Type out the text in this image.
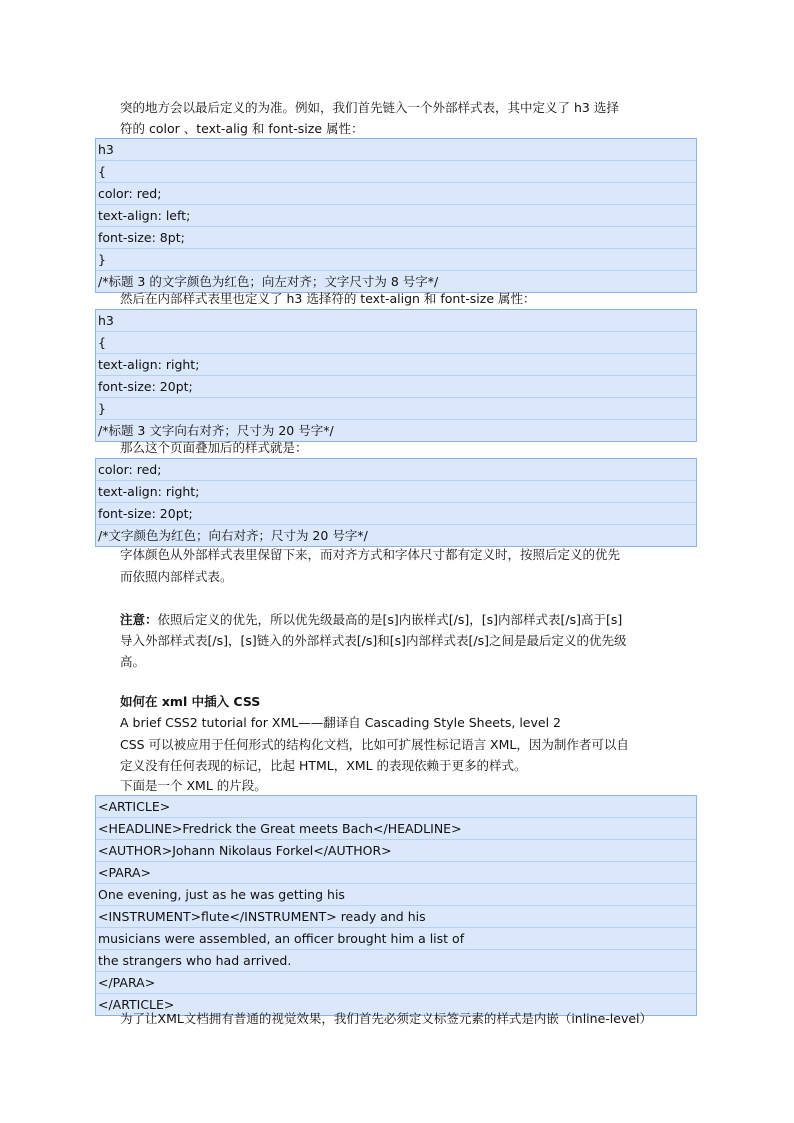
突的地方会以最后定义的为准。例如，我们首先链入一个外部样式表，其中定义了 h3 选择
符的 color 、text-alig 和 font-size 属性：
h3
{
color: red;
text-align: left;
font-size: 8pt;
}
/*标题 3 的文字颜色为红色；向左对齐；文字尺寸为 8 号字*/
然后在内部样式表里也定义了 h3 选择符的 text-align 和 font-size 属性：
h3
{
text-align: right;
font-size: 20pt;
}
/*标题 3 文字向右对齐；尺寸为 20 号字*/
那么这个页面叠加后的样式就是：
color: red;
text-align: right;
font-size: 20pt;
/*文字颜色为红色；向右对齐；尺寸为 20 号字*/
字体颜色从外部样式表里保留下来，而对齐方式和字体尺寸都有定义时，按照后定义的优先
而依照内部样式表。
注意：依照后定义的优先，所以优先级最高的是[s]内嵌样式[/s]，[s]内部样式表[/s]高于[s]
导入外部样式表[/s]，[s]链入的外部样式表[/s]和[s]内部样式表[/s]之间是最后定义的优先级
高。
如何在 xml 中插入 CSS
A brief CSS2 tutorial for XML——翻译自 Cascading Style Sheets, level 2
CSS 可以被应用于任何形式的结构化文档，比如可扩展性标记语言 XML，因为制作者可以自
定义没有任何表现的标记，比起 HTML，XML 的表现依赖于更多的样式。
下面是一个 XML 的片段。
<ARTICLE>
<HEADLINE>Fredrick the Great meets Bach</HEADLINE>
<AUTHOR>Johann Nikolaus Forkel</AUTHOR>
<PARA>
One evening, just as he was getting his
<INSTRUMENT>flute</INSTRUMENT> ready and his
musicians were assembled, an officer brought him a list of
the strangers who had arrived.
</PARA>
</ARTICLE>
为了让XML文档拥有普通的视觉效果，我们首先必须定义标签元素的样式是内嵌（inline-level）
